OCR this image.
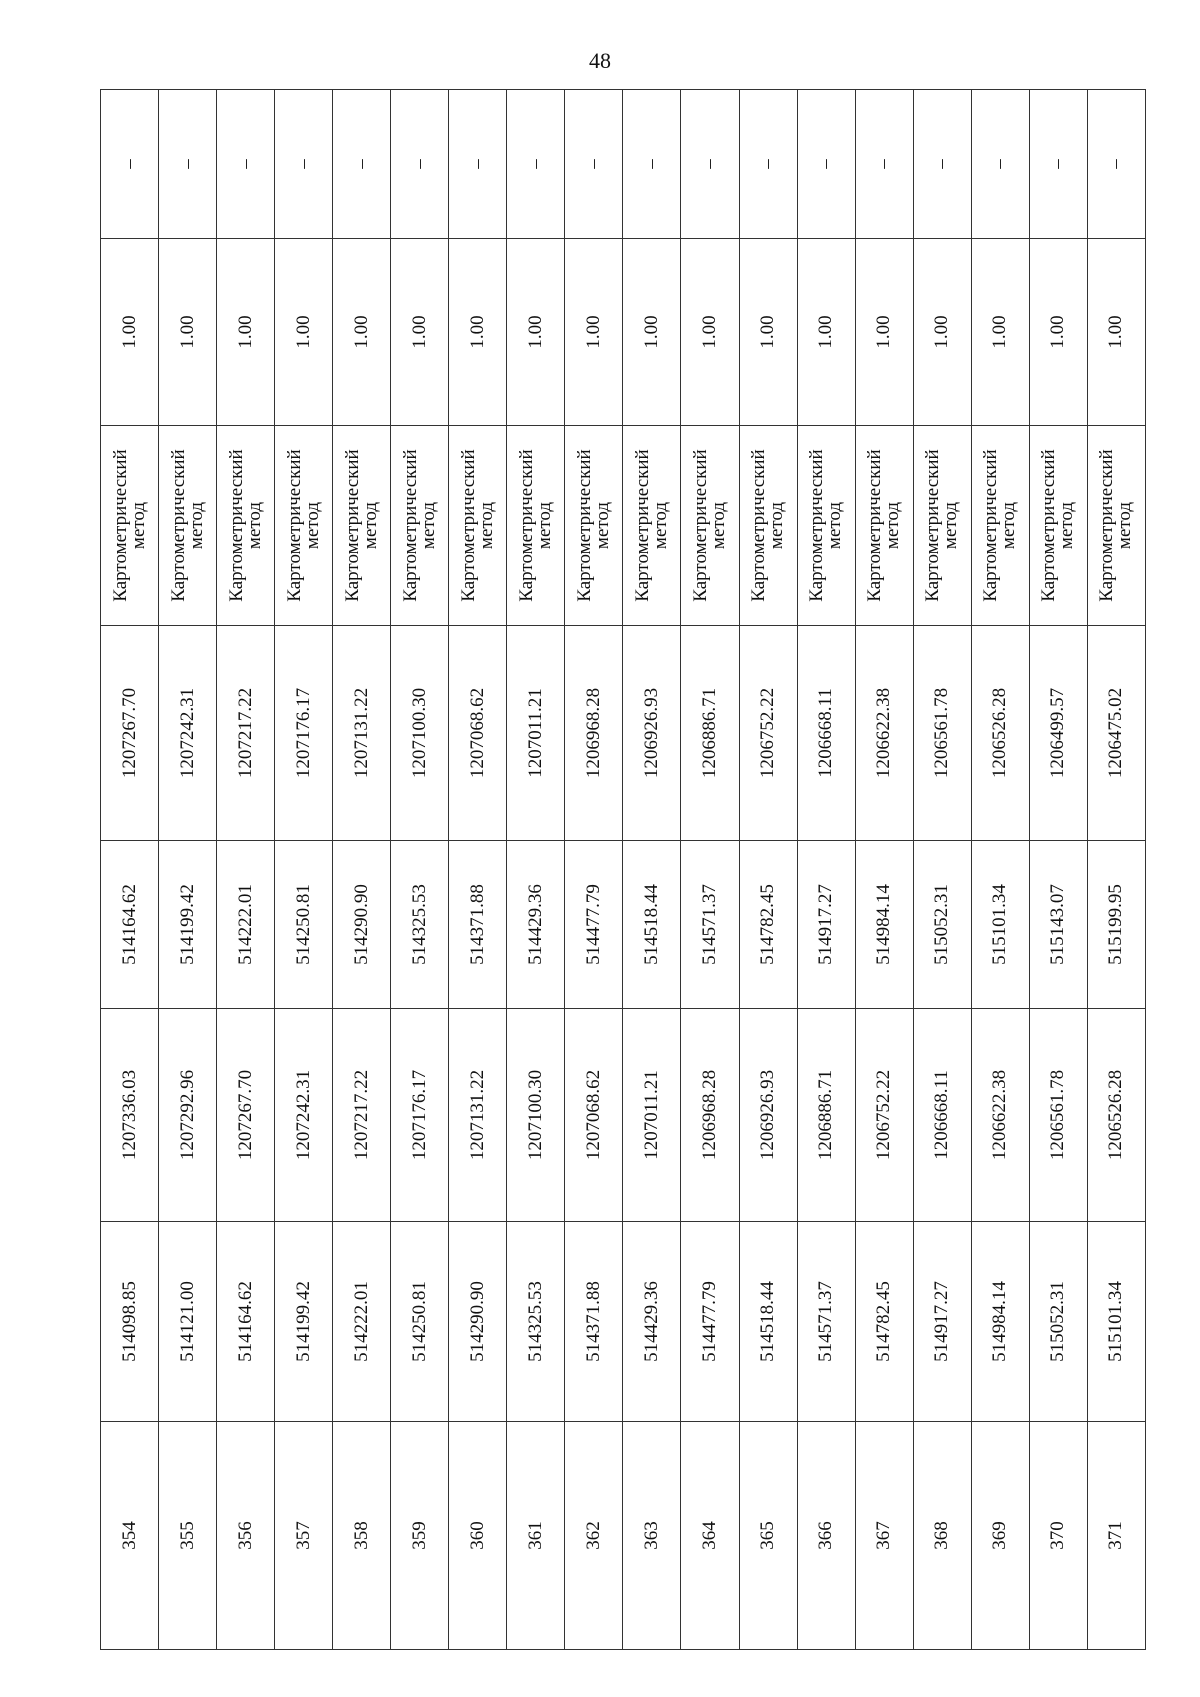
48
354	514098.85	1207336.03	514164.62	1207267.70	Картометрический метод	1.00	–
355	514121.00	1207292.96	514199.42	1207242.31	Картометрический метод	1.00	–
356	514164.62	1207267.70	514222.01	1207217.22	Картометрический метод	1.00	–
357	514199.42	1207242.31	514250.81	1207176.17	Картометрический метод	1.00	–
358	514222.01	1207217.22	514290.90	1207131.22	Картометрический метод	1.00	–
359	514250.81	1207176.17	514325.53	1207100.30	Картометрический метод	1.00	–
360	514290.90	1207131.22	514371.88	1207068.62	Картометрический метод	1.00	–
361	514325.53	1207100.30	514429.36	1207011.21	Картометрический метод	1.00	–
362	514371.88	1207068.62	514477.79	1206968.28	Картометрический метод	1.00	–
363	514429.36	1207011.21	514518.44	1206926.93	Картометрический метод	1.00	–
364	514477.79	1206968.28	514571.37	1206886.71	Картометрический метод	1.00	–
365	514518.44	1206926.93	514782.45	1206752.22	Картометрический метод	1.00	–
366	514571.37	1206886.71	514917.27	1206668.11	Картометрический метод	1.00	–
367	514782.45	1206752.22	514984.14	1206622.38	Картометрический метод	1.00	–
368	514917.27	1206668.11	515052.31	1206561.78	Картометрический метод	1.00	–
369	514984.14	1206622.38	515101.34	1206526.28	Картометрический метод	1.00	–
370	515052.31	1206561.78	515143.07	1206499.57	Картометрический метод	1.00	–
371	515101.34	1206526.28	515199.95	1206475.02	Картометрический метод	1.00	–
